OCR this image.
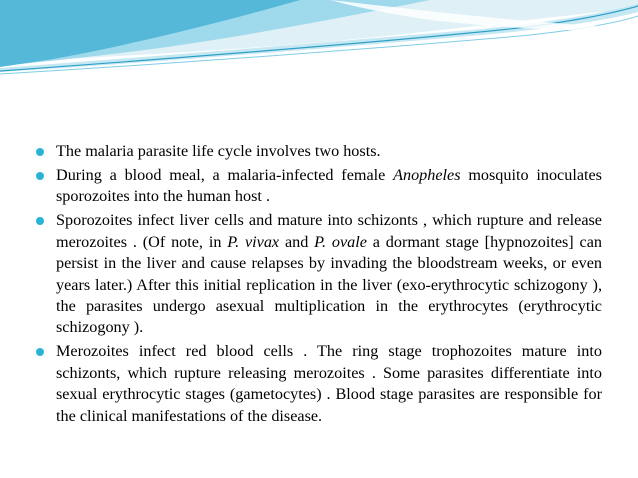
The malaria parasite life cycle involves two hosts.
During a blood meal, a malaria-infected female Anopheles mosquito inoculates sporozoites into the human host .
Sporozoites infect liver cells and mature into schizonts , which rupture and release merozoites . (Of note, in P. vivax and P. ovale a dormant stage [hypnozoites] can persist in the liver and cause relapses by invading the bloodstream weeks, or even years later.) After this initial replication in the liver (exo-erythrocytic schizogony ), the parasites undergo asexual multiplication in the erythrocytes (erythrocytic schizogony ).
Merozoites infect red blood cells . The ring stage trophozoites mature into schizonts, which rupture releasing merozoites . Some parasites differentiate into sexual erythrocytic stages (gametocytes) . Blood stage parasites are responsible for the clinical manifestations of the disease.
